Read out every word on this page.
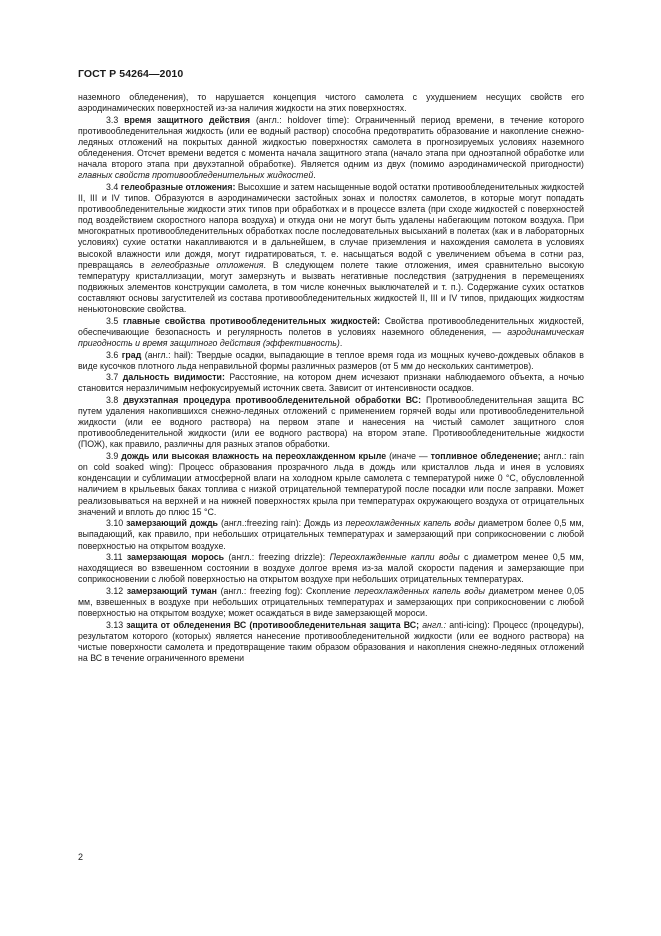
ГОСТ Р 54264—2010

наземного обледенения), то нарушается концепция чистого самолета с ухудшением несущих свойств его аэродинамических поверхностей из-за наличия жидкости на этих поверхностях.

3.3 время защитного действия (англ.: holdover time): Ограниченный период времени, в течение которого противообледенительная жидкость (или ее водный раствор) способна предотвратить образование и накопление снежно-ледяных отложений на покрытых данной жидкостью поверхностях самолета в прогнозируемых условиях наземного обледенения. Отсчет времени ведется с момента начала защитного этапа (начало этапа при одноэтапной обработке или начала второго этапа при двухэтапной обработке). Является одним из двух (помимо аэродинамической пригодности) главных свойств противообледенительных жидкостей.

3.4 гелеобразные отложения: Высохшие и затем насыщенные водой остатки противообледенительных жидкостей II, III и IV типов. Образуются в аэродинамически застойных зонах и полостях самолетов, в которые могут попадать противообледенительные жидкости этих типов при обработках и в процессе взлета (при сходе жидкостей с поверхностей под воздействием скоростного напора воздуха) и откуда они не могут быть удалены набегающим потоком воздуха. При многократных противообледенительных обработках после последовательных высыханий в полетах (как и в лабораторных условиях) сухие остатки накапливаются и в дальнейшем, в случае приземления и нахождения самолета в условиях высокой влажности или дождя, могут гидратироваться, т. е. насыщаться водой с увеличением объема в сотни раз, превращаясь в гелеобразные отложения. В следующем полете такие отложения, имея сравнительно высокую температуру кристаллизации, могут замерзнуть и вызвать негативные последствия (затруднения в перемещениях подвижных элементов конструкции самолета, в том числе конечных выключателей и т. п.). Содержание сухих остатков составляют основы загустителей из состава противообледенительных жидкостей II, III и IV типов, придающих жидкостям неньютоновские свойства.

3.5 главные свойства противообледенительных жидкостей: Свойства противообледенительных жидкостей, обеспечивающие безопасность и регулярность полетов в условиях наземного обледенения, — аэродинамическая пригодность и время защитного действия (эффективность).

3.6 град (англ.: hail): Твердые осадки, выпадающие в теплое время года из мощных кучево-дождевых облаков в виде кусочков плотного льда неправильной формы различных размеров (от 5 мм до нескольких сантиметров).

3.7 дальность видимости: Расстояние, на котором днем исчезают признаки наблюдаемого объекта, а ночью становится неразличимым нефокусируемый источник света. Зависит от интенсивности осадков.

3.8 двухэтапная процедура противообледенительной обработки ВС: Противообледенительная защита ВС путем удаления накопившихся снежно-ледяных отложений с применением горячей воды или противообледенительной жидкости (или ее водного раствора) на первом этапе и нанесения на чистый самолет защитного слоя противообледенительной жидкости (или ее водного раствора) на втором этапе. Противообледенительные жидкости (ПОЖ), как правило, различны для разных этапов обработки.

3.9 дождь или высокая влажность на переохлажденном крыле (иначе — топливное обледенение; англ.: rain on cold soaked wing): Процесс образования прозрачного льда в дождь или кристаллов льда и инея в условиях конденсации и сублимации атмосферной влаги на холодном крыле самолета с температурой ниже 0 °С, обусловленной наличием в крыльевых баках топлива с низкой отрицательной температурой после посадки или после заправки. Может реализовываться на верхней и на нижней поверхностях крыла при температурах окружающего воздуха от отрицательных значений и вплоть до плюс 15 °С.

3.10 замерзающий дождь (англ.:freezing rain): Дождь из переохлажденных капель воды диаметром более 0,5 мм, выпадающий, как правило, при небольших отрицательных температурах и замерзающий при соприкосновении с любой поверхностью на открытом воздухе.

3.11 замерзающая морось (англ.: freezing drizzle): Переохлажденные капли воды с диаметром менее 0,5 мм, находящиеся во взвешенном состоянии в воздухе долгое время из-за малой скорости падения и замерзающие при соприкосновении с любой поверхностью на открытом воздухе при небольших отрицательных температурах.

3.12 замерзающий туман (англ.: freezing fog): Скопление переохлажденных капель воды диаметром менее 0,05 мм, взвешенных в воздухе при небольших отрицательных температурах и замерзающих при соприкосновении с любой поверхностью на открытом воздухе; может осаждаться в виде замерзающей мороси.

3.13 защита от обледенения ВС (противообледенительная защита ВС; англ.: anti-icing): Процесс (процедуры), результатом которого (которых) является нанесение противообледенительной жидкости (или ее водного раствора) на чистые поверхности самолета и предотвращение таким образом образования и накопления снежно-ледяных отложений на ВС в течение ограниченного времени

2
